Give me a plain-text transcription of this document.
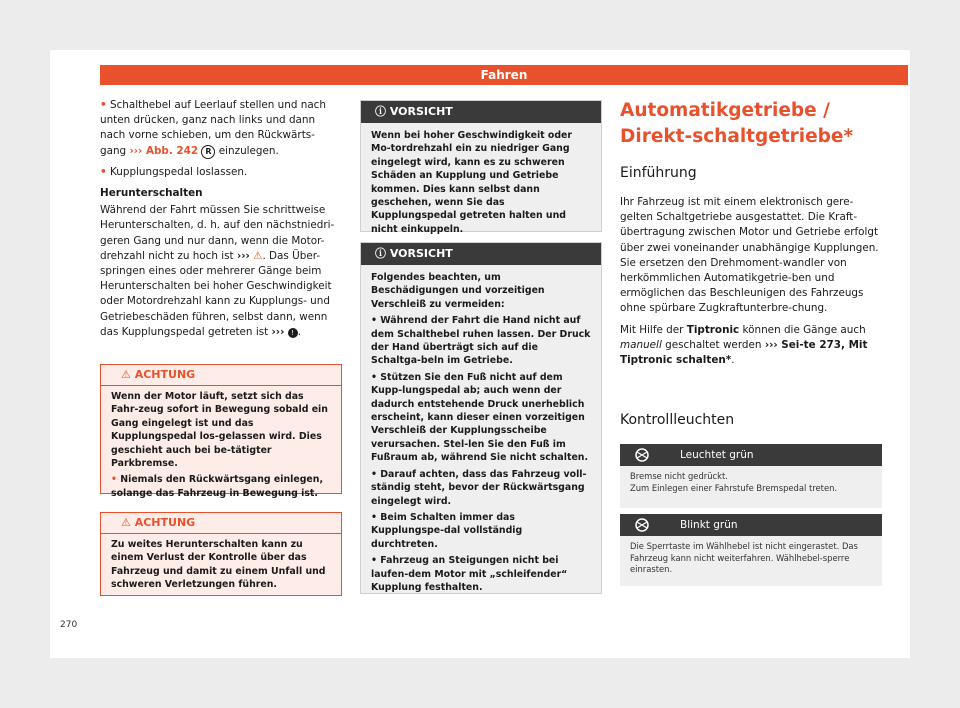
Fahren

• Schalthebel auf Leerlauf stellen und nach unten drücken, ganz nach links und dann nach vorne schieben, um den Rückwärts-gang ››› Abb. 242 R einzulegen.

• Kupplungspedal loslassen.

Herunterschalten

Während der Fahrt müssen Sie schrittweise Herunterschalten, d. h. auf den nächstniedri-geren Gang und nur dann, wenn die Motor-drehzahl nicht zu hoch ist ››› ⚠. Das Über-springen eines oder mehrerer Gänge beim Herunterschalten bei hoher Geschwindigkeit oder Motordrehzahl kann zu Kupplungs- und Getriebeschäden führen, selbst dann, wenn das Kupplungspedal getreten ist ››› ! .

⚠ ACHTUNG

Wenn der Motor läuft, setzt sich das Fahr-zeug sofort in Bewegung sobald ein Gang eingelegt ist und das Kupplungspedal los-gelassen wird. Dies geschieht auch bei be-tätigter Parkbremse.

• Niemals den Rückwärtsgang einlegen, solange das Fahrzeug in Bewegung ist.

⚠ ACHTUNG
Zu weites Herunterschalten kann zu einem Verlust der Kontrolle über das Fahrzeug und damit zu einem Unfall und schweren Verletzungen führen.
ⓘ VORSICHT
Wenn bei hoher Geschwindigkeit oder Mo-tordrehzahl ein zu niedriger Gang eingelegt wird, kann es zu schweren Schäden an Kupplung und Getriebe kommen. Dies kann selbst dann geschehen, wenn Sie das Kupplungspedal getreten halten und nicht einkuppeln.
ⓘ VORSICHT

Folgendes beachten, um Beschädigungen und vorzeitigen Verschleiß zu vermeiden:

• Während der Fahrt die Hand nicht auf dem Schalthebel ruhen lassen. Der Druck der Hand überträgt sich auf die Schaltga-beln im Getriebe.

• Stützen Sie den Fuß nicht auf dem Kupp-lungspedal ab; auch wenn der dadurch entstehende Druck unerheblich erscheint, kann dieser einen vorzeitigen Verschleiß der Kupplungsscheibe verursachen. Stel-len Sie den Fuß im Fußraum ab, während Sie nicht schalten.

• Darauf achten, dass das Fahrzeug voll-ständig steht, bevor der Rückwärtsgang eingelegt wird.

• Beim Schalten immer das Kupplungspe-dal vollständig durchtreten.

• Fahrzeug an Steigungen nicht bei laufen-dem Motor mit „schleifender“ Kupplung festhalten.

Automatikgetriebe / Direkt-schaltgetriebe*
Einführung

Ihr Fahrzeug ist mit einem elektronisch gere-gelten Schaltgetriebe ausgestattet. Die Kraft-übertragung zwischen Motor und Getriebe erfolgt über zwei voneinander unabhängige Kupplungen. Sie ersetzen den Drehmoment-wandler von herkömmlichen Automatikgetrie-ben und ermöglichen das Beschleunigen des Fahrzeugs ohne spürbare Zugkraftunterbre-chung.

Mit Hilfe der Tiptronic können die Gänge auch manuell geschaltet werden ››› Sei-te 273, Mit Tiptronic schalten*.

Kontrollleuchten
Leuchtet grün
Bremse nicht gedrückt.
Zum Einlegen einer Fahrstufe Bremspedal treten.
Blinkt grün
Die Sperrtaste im Wählhebel ist nicht eingerastet. Das Fahrzeug kann nicht weiterfahren. Wählhebel-sperre einrasten.
270
